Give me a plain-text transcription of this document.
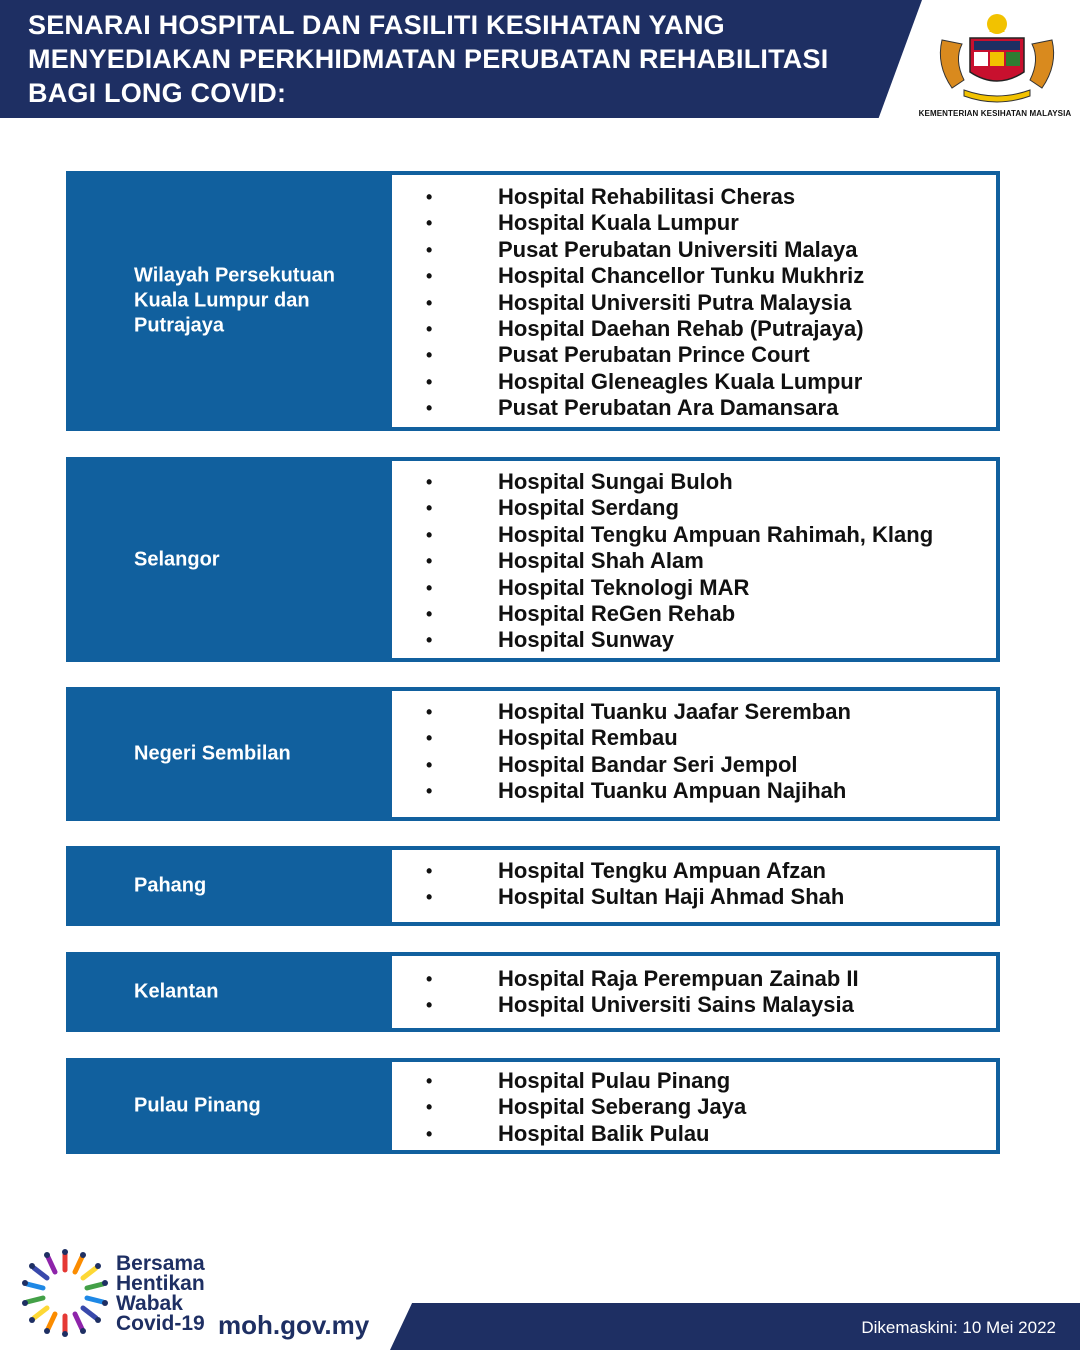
SENARAI HOSPITAL DAN FASILITI KESIHATAN YANG
MENYEDIAKAN PERKHIDMATAN PERUBATAN REHABILITASI
BAGI LONG COVID:
KEMENTERIAN KESIHATAN MALAYSIA

Wilayah Persekutuan Kuala Lumpur dan Putrajaya

•	Hospital Rehabilitasi Cheras
•	Hospital Kuala Lumpur
•	Pusat Perubatan Universiti Malaya
•	Hospital Chancellor Tunku Mukhriz
•	Hospital Universiti Putra Malaysia
•	Hospital Daehan Rehab (Putrajaya)
•	Pusat Perubatan Prince Court
•	Hospital Gleneagles Kuala Lumpur
•	Pusat Perubatan Ara Damansara

Selangor

•	Hospital Sungai Buloh
•	Hospital Serdang
•	Hospital Tengku Ampuan Rahimah, Klang
•	Hospital Shah Alam
•	Hospital Teknologi MAR
•	Hospital ReGen Rehab
•	Hospital Sunway

Negeri Sembilan

•	Hospital Tuanku Jaafar Seremban
•	Hospital Rembau
•	Hospital Bandar Seri Jempol
•	Hospital Tuanku Ampuan Najihah

Pahang

•	Hospital Tengku Ampuan Afzan
•	Hospital Sultan Haji Ahmad Shah

Kelantan

•	Hospital Raja Perempuan Zainab II
•	Hospital Universiti Sains Malaysia

Pulau Pinang

•	Hospital Pulau Pinang
•	Hospital Seberang Jaya
•	Hospital Balik Pulau

Bersama
Hentikan
Wabak
Covid-19 moh.gov.my	Dikemaskini: 10 Mei 2022
